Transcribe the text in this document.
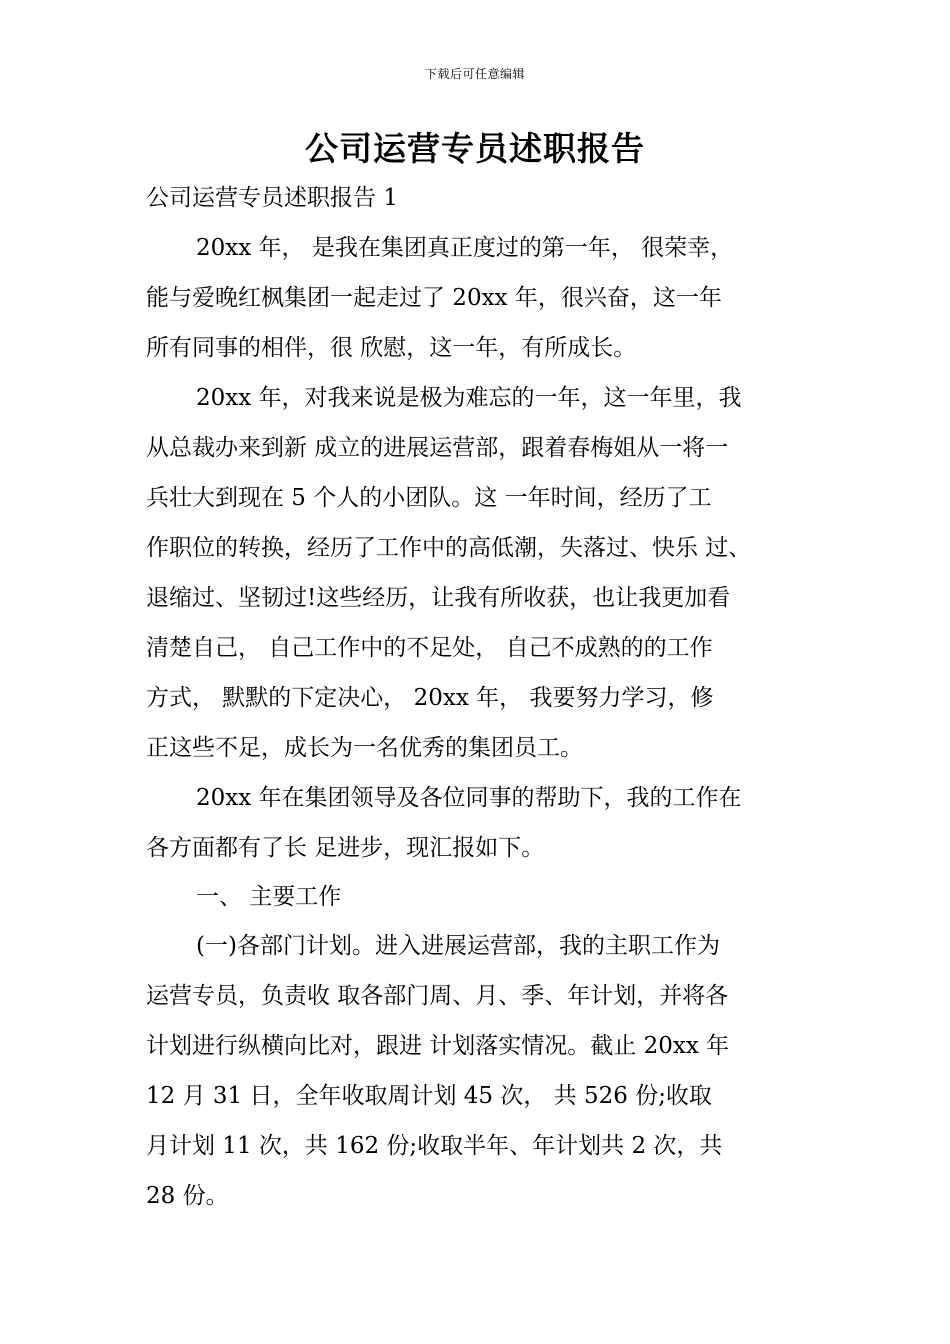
下载后可任意编辑
公司运营专员述职报告
公司运营专员述职报告 1
20xx 年， 是我在集团真正度过的第一年， 很荣幸，
能与爱晚红枫集团一起走过了 20xx 年，很兴奋，这一年
所有同事的相伴，很 欣慰，这一年，有所成长。
20xx 年，对我来说是极为难忘的一年，这一年里，我
从总裁办来到新 成立的进展运营部，跟着春梅姐从一将一
兵壮大到现在 5 个人的小团队。这 一年时间，经历了工
作职位的转换，经历了工作中的高低潮，失落过、快乐 过、
退缩过、坚韧过!这些经历，让我有所收获，也让我更加看
清楚自己， 自己工作中的不足处， 自己不成熟的的工作
方式， 默默的下定决心， 20xx 年， 我要努力学习，修
正这些不足，成长为一名优秀的集团员工。
20xx 年在集团领导及各位同事的帮助下，我的工作在
各方面都有了长 足进步，现汇报如下。
一、 主要工作
(一)各部门计划。进入进展运营部，我的主职工作为
运营专员，负责收 取各部门周、月、季、年计划，并将各
计划进行纵横向比对，跟进 计划落实情况。截止 20xx 年
12 月 31 日，全年收取周计划 45 次， 共 526 份;收取
月计划 11 次，共 162 份;收取半年、年计划共 2 次，共
28 份。
